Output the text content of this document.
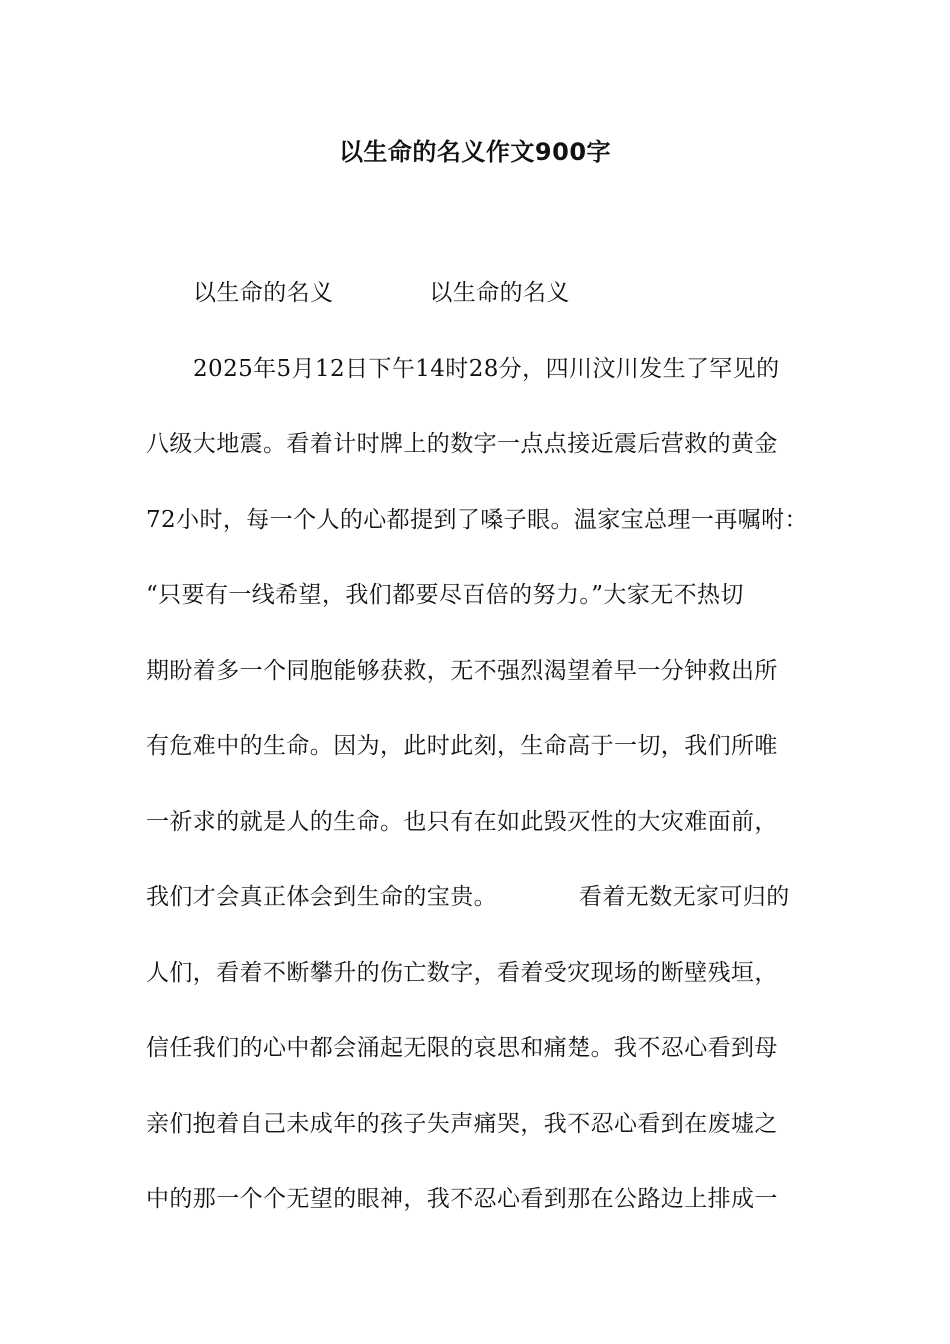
以生命的名义作文900字
以生命的名义	以生命的名义
2025年5月12日下午14时28分，四川汶川发生了罕见的
八级大地震。看着计时牌上的数字一点点接近震后营救的黄金
72小时，每一个人的心都提到了嗓子眼。温家宝总理一再嘱咐：
“只要有一线希望，我们都要尽百倍的努力。”大家无不热切
期盼着多一个同胞能够获救，无不强烈渴望着早一分钟救出所
有危难中的生命。因为，此时此刻，生命高于一切，我们所唯
一祈求的就是人的生命。也只有在如此毁灭性的大灾难面前，
我们才会真正体会到生命的宝贵。	看着无数无家可归的
人们，看着不断攀升的伤亡数字，看着受灾现场的断壁残垣，
信任我们的心中都会涌起无限的哀思和痛楚。我不忍心看到母
亲们抱着自己未成年的孩子失声痛哭，我不忍心看到在废墟之
中的那一个个无望的眼神，我不忍心看到那在公路边上排成一
